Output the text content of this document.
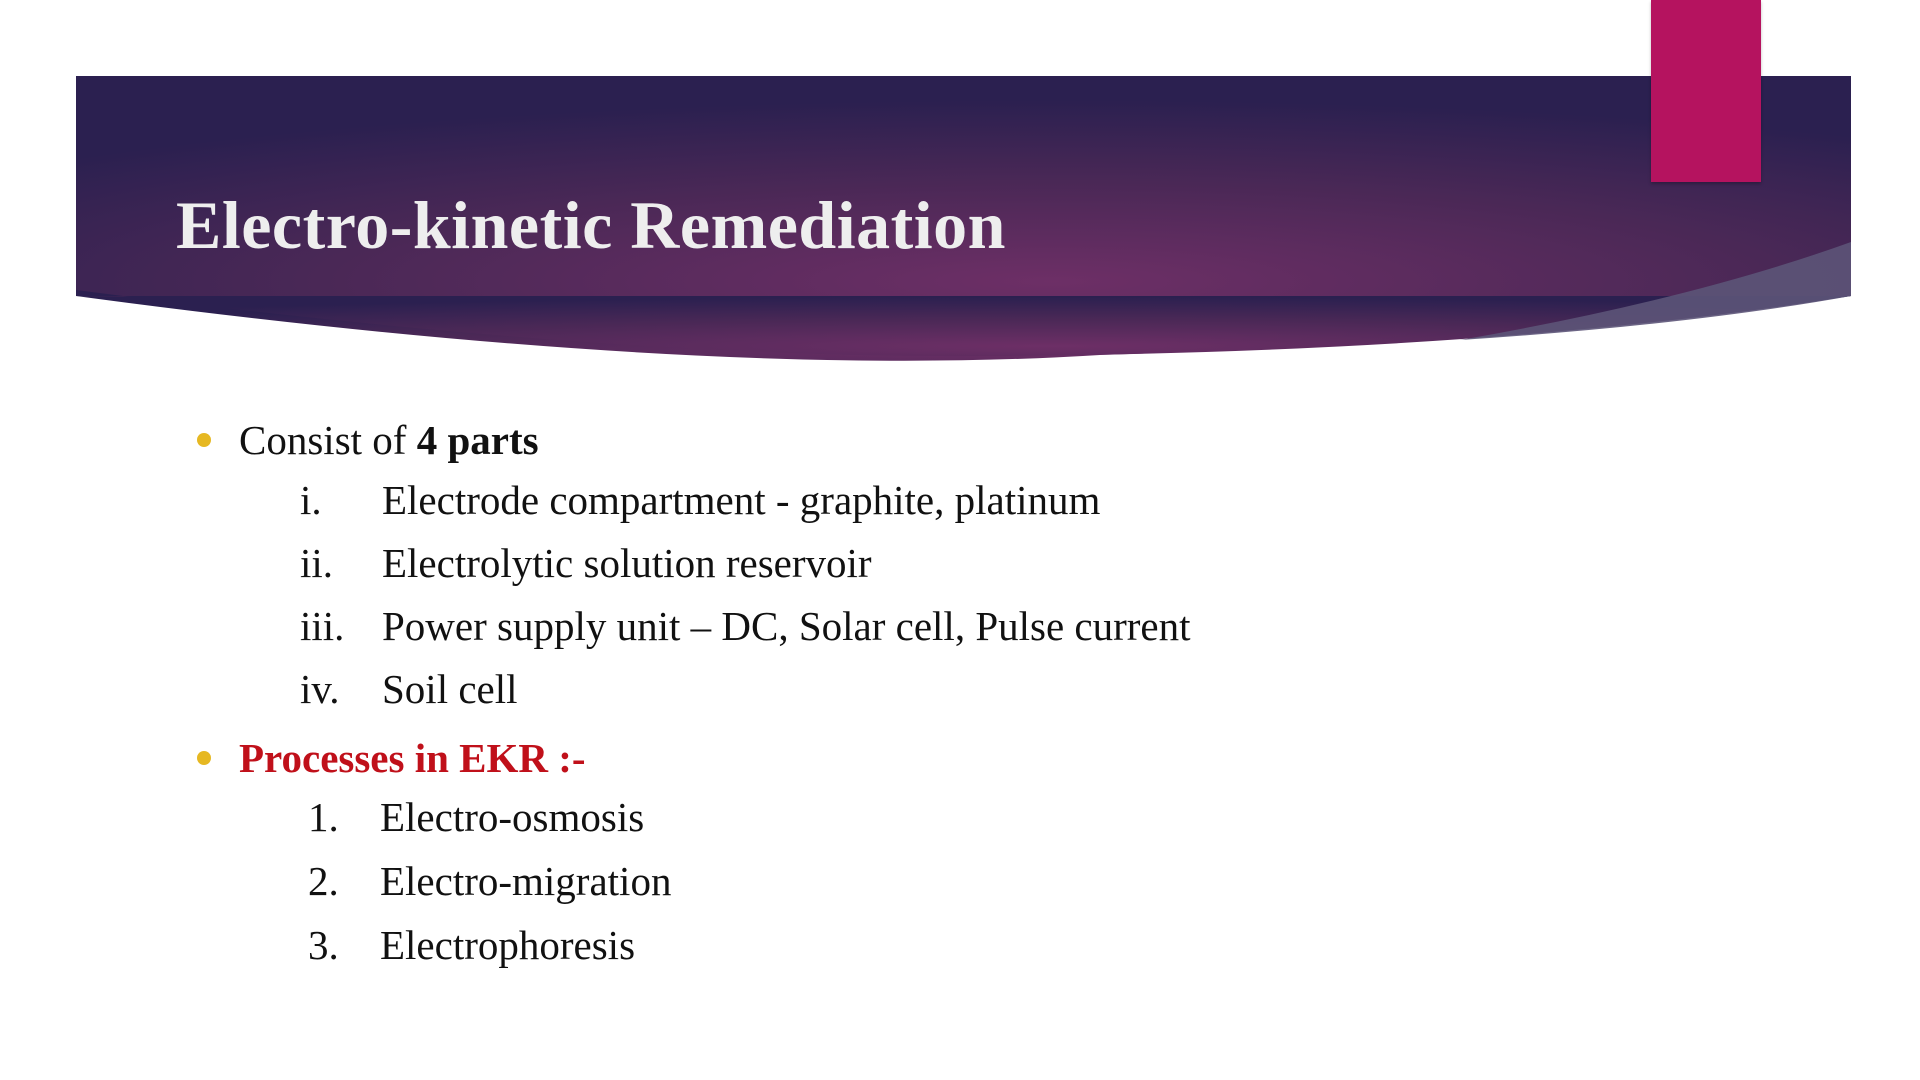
Electro-kinetic Remediation
Consist of 4 parts
i. Electrode compartment - graphite, platinum
ii. Electrolytic solution reservoir
iii. Power supply unit – DC, Solar cell, Pulse current
iv. Soil cell
Processes in EKR :-
1. Electro-osmosis
2. Electro-migration
3. Electrophoresis
